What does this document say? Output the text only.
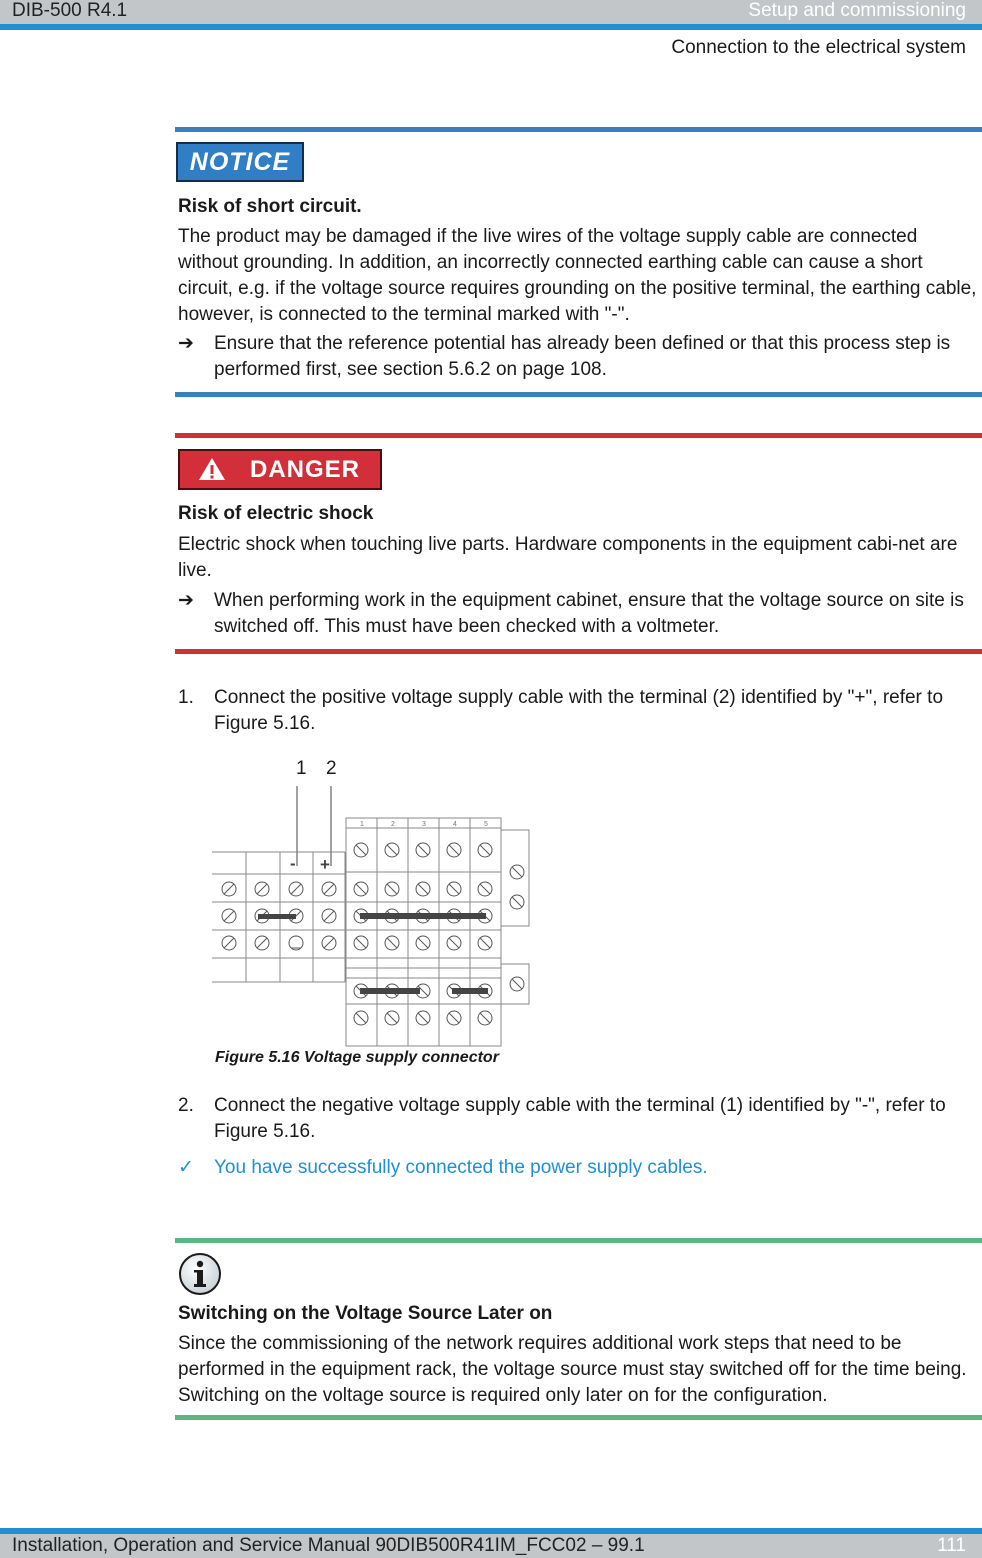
DIB-500 R4.1	Setup and commissioning
Connection to the electrical system
NOTICE
Risk of short circuit.
The product may be damaged if the live wires of the voltage supply cable are connected without grounding. In addition, an incorrectly connected earthing cable can cause a short circuit, e.g. if the voltage source requires grounding on the positive terminal, the earthing cable, however, is connected to the terminal marked with "-".
➔ Ensure that the reference potential has already been defined or that this process step is performed first, see section 5.6.2 on page 108.
DANGER
Risk of electric shock
Electric shock when touching live parts. Hardware components in the equipment cabi-net are live.
➔ When performing work in the equipment cabinet, ensure that the voltage source on site is switched off. This must have been checked with a voltmeter.
1. Connect the positive voltage supply cable with the terminal (2) identified by "+", refer to Figure 5.16.
1 2
- +
1	2	3	4	5
Figure 5.16 Voltage supply connector
2. Connect the negative voltage supply cable with the terminal (1) identified by "-", refer to Figure 5.16.
✓ You have successfully connected the power supply cables.
Switching on the Voltage Source Later on
Since the commissioning of the network requires additional work steps that need to be performed in the equipment rack, the voltage source must stay switched off for the time being. Switching on the voltage source is required only later on for the configuration.
Installation, Operation and Service Manual 90DIB500R41IM_FCC02 – 99.1	111
